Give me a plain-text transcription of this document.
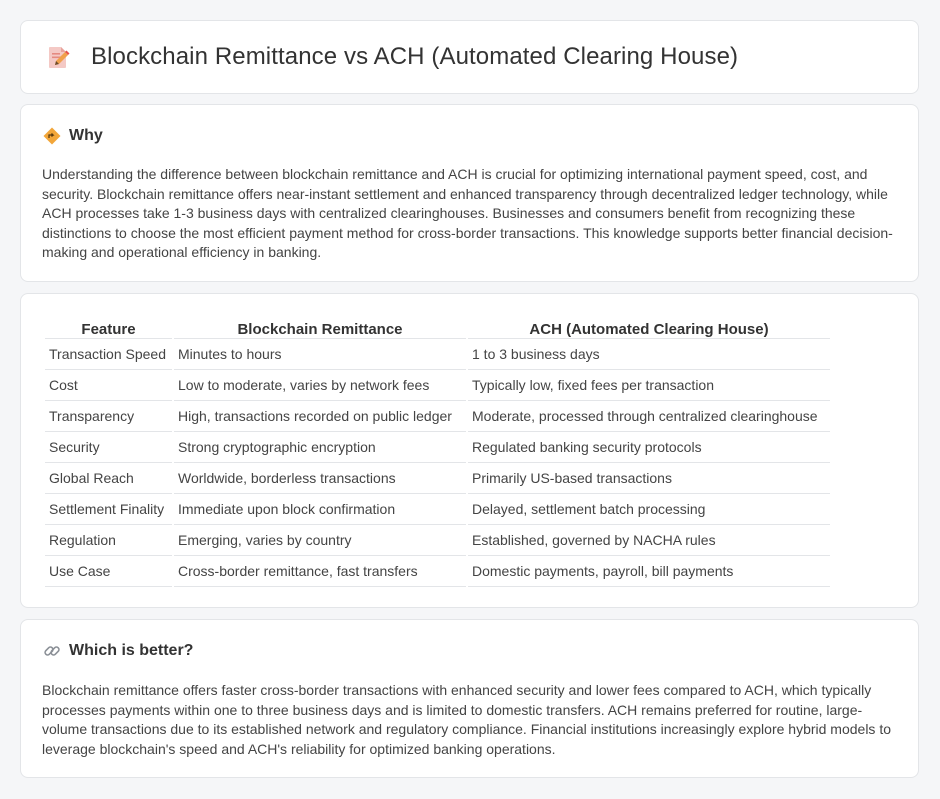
Blockchain Remittance vs ACH (Automated Clearing House)
Why

Understanding the difference between blockchain remittance and ACH is crucial for optimizing international payment speed, cost, and security. Blockchain remittance offers near-instant settlement and enhanced transparency through decentralized ledger technology, while ACH processes take 1-3 business days with centralized clearinghouses. Businesses and consumers benefit from recognizing these distinctions to choose the most efficient payment method for cross-border transactions. This knowledge supports better financial decision-making and operational efficiency in banking.

Feature	Blockchain Remittance	ACH (Automated Clearing House)
Transaction Speed	Minutes to hours	1 to 3 business days
Cost	Low to moderate, varies by network fees	Typically low, fixed fees per transaction
Transparency	High, transactions recorded on public ledger	Moderate, processed through centralized clearinghouse
Security	Strong cryptographic encryption	Regulated banking security protocols
Global Reach	Worldwide, borderless transactions	Primarily US-based transactions
Settlement Finality	Immediate upon block confirmation	Delayed, settlement batch processing
Regulation	Emerging, varies by country	Established, governed by NACHA rules
Use Case	Cross-border remittance, fast transfers	Domestic payments, payroll, bill payments
Which is better?

Blockchain remittance offers faster cross-border transactions with enhanced security and lower fees compared to ACH, which typically processes payments within one to three business days and is limited to domestic transfers. ACH remains preferred for routine, large-volume transactions due to its established network and regulatory compliance. Financial institutions increasingly explore hybrid models to leverage blockchain's speed and ACH's reliability for optimized banking operations.
